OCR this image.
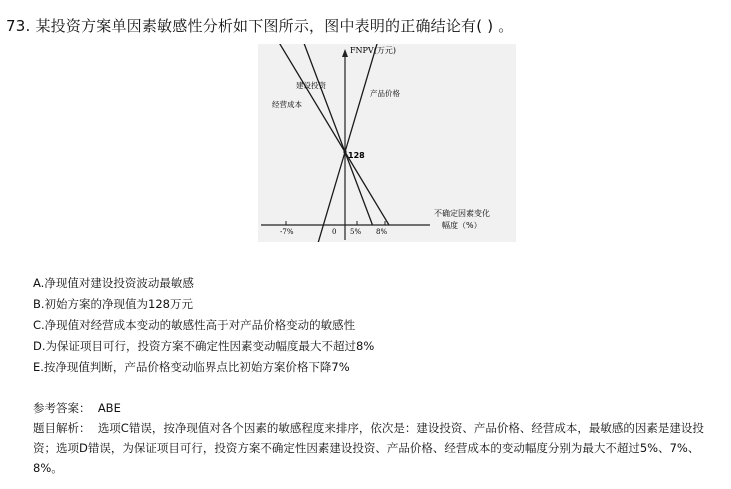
73. 某投资方案单因素敏感性分析如下图所示，图中表明的正确结论有( ) 。
FNPV(万元)
不确定因素变化
幅度（%）
建设投资
经营成本
产品价格
128
-7%	0 5% 8%
A.净现值对建设投资波动最敏感
B.初始方案的净现值为128万元
C.净现值对经营成本变动的敏感性高于对产品价格变动的敏感性
D.为保证项目可行，投资方案不确定性因素变动幅度最大不超过8%
E.按净现值判断，产品价格变动临界点比初始方案价格下降7%
参考答案： ABE
题目解析： 选项C错误，按净现值对各个因素的敏感程度来排序，依次是：建设投资、产品价格、经营成本，最敏感的因素是建设投资；选项D错误，为保证项目可行，投资方案不确定性因素建设投资、产品价格、经营成本的变动幅度分别为最大不超过5%、7%、8%。
